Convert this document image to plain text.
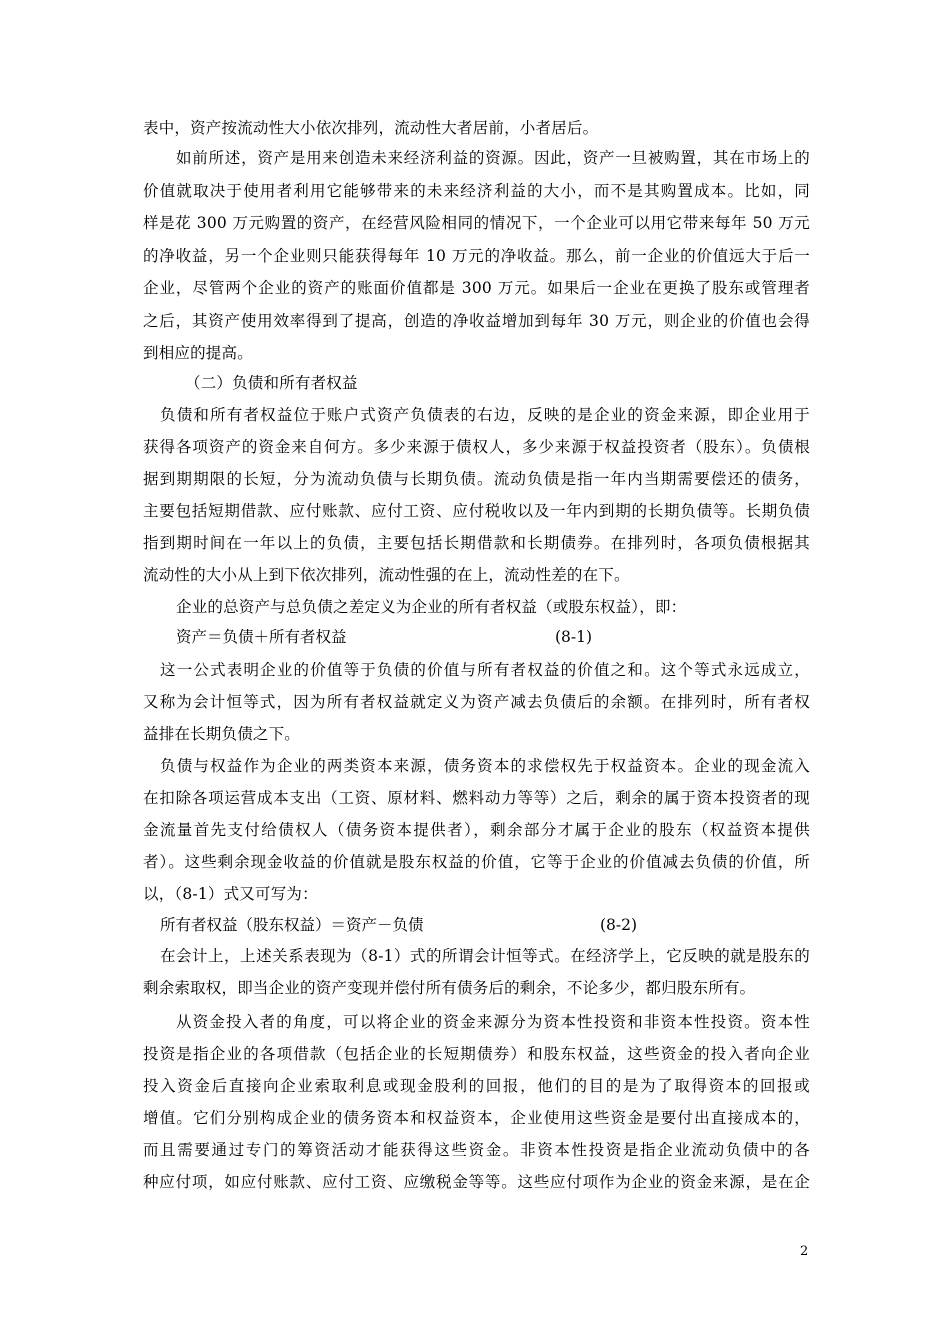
表中，资产按流动性大小依次排列，流动性大者居前，小者居后。
如前所述，资产是用来创造未来经济利益的资源。因此，资产一旦被购置，其在市场上的
价值就取决于使用者利用它能够带来的未来经济利益的大小，而不是其购置成本。比如，同
样是花 300 万元购置的资产，在经营风险相同的情况下，一个企业可以用它带来每年 50 万元
的净收益，另一个企业则只能获得每年 10 万元的净收益。那么，前一企业的价值远大于后一
企业，尽管两个企业的资产的账面价值都是 300 万元。如果后一企业在更换了股东或管理者
之后，其资产使用效率得到了提高，创造的净收益增加到每年 30 万元，则企业的价值也会得
到相应的提高。
（二）负债和所有者权益
负债和所有者权益位于账户式资产负债表的右边，反映的是企业的资金来源，即企业用于
获得各项资产的资金来自何方。多少来源于债权人，多少来源于权益投资者（股东）。负债根
据到期期限的长短，分为流动负债与长期负债。流动负债是指一年内当期需要偿还的债务，
主要包括短期借款、应付账款、应付工资、应付税收以及一年内到期的长期负债等。长期负债
指到期时间在一年以上的负债，主要包括长期借款和长期债券。在排列时，各项负债根据其
流动性的大小从上到下依次排列，流动性强的在上，流动性差的在下。
企业的总资产与总负债之差定义为企业的所有者权益（或股东权益），即：
资产＝负债＋所有者权益	(8-1)
这一公式表明企业的价值等于负债的价值与所有者权益的价值之和。这个等式永远成立，
又称为会计恒等式，因为所有者权益就定义为资产减去负债后的余额。在排列时，所有者权
益排在长期负债之下。
负债与权益作为企业的两类资本来源，债务资本的求偿权先于权益资本。企业的现金流入
在扣除各项运营成本支出（工资、原材料、燃料动力等等）之后，剩余的属于资本投资者的现
金流量首先支付给债权人（债务资本提供者），剩余部分才属于企业的股东（权益资本提供
者）。这些剩余现金收益的价值就是股东权益的价值，它等于企业的价值减去负债的价值，所
以，（8-1）式又可写为：
所有者权益（股东权益）＝资产－负债	(8-2)
在会计上，上述关系表现为（8-1）式的所谓会计恒等式。在经济学上，它反映的就是股东的
剩余索取权，即当企业的资产变现并偿付所有债务后的剩余，不论多少，都归股东所有。
从资金投入者的角度，可以将企业的资金来源分为资本性投资和非资本性投资。资本性
投资是指企业的各项借款（包括企业的长短期债券）和股东权益，这些资金的投入者向企业
投入资金后直接向企业索取利息或现金股利的回报，他们的目的是为了取得资本的回报或
增值。它们分别构成企业的债务资本和权益资本，企业使用这些资金是要付出直接成本的，
而且需要通过专门的筹资活动才能获得这些资金。非资本性投资是指企业流动负债中的各
种应付项，如应付账款、应付工资、应缴税金等等。这些应付项作为企业的资金来源，是在企
2
